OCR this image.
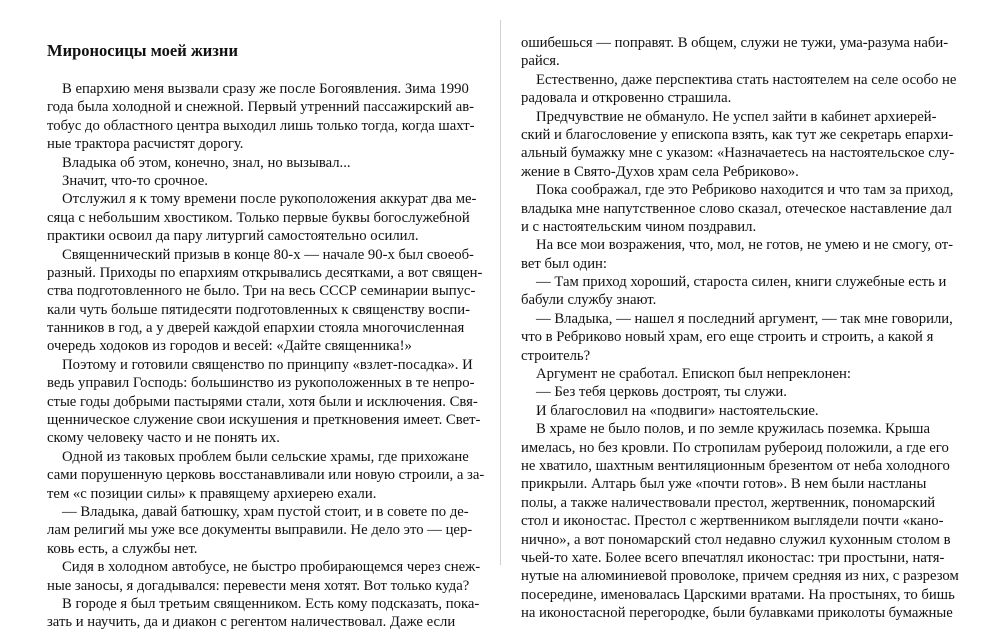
Мироносицы моей жизни
В епархию меня вызвали сразу же после Богоявления. Зима 1990
года была холодной и снежной. Первый утренний пассажирский ав-
тобус до областного центра выходил лишь только тогда, когда шахт-
ные трактора расчистят дорогу.
Владыка об этом, конечно, знал, но вызывал...
Значит, что-то срочное.
Отслужил я к тому времени после рукоположения аккурат два ме-
сяца с небольшим хвостиком. Только первые буквы богослужебной
практики освоил да пару литургий самостоятельно осилил.
Священнический призыв в конце 80-х — начале 90-х был своеоб-
разный. Приходы по епархиям открывались десятками, а вот священ-
ства подготовленного не было. Три на весь СССР семинарии выпус-
кали чуть больше пятидесяти подготовленных к священству воспи-
танников в год, а у дверей каждой епархии стояла многочисленная
очередь ходоков из городов и весей: «Дайте священника!»
Поэтому и готовили священство по принципу «взлет-посадка». И
ведь управил Господь: большинство из рукоположенных в те непро-
стые годы добрыми пастырями стали, хотя были и исключения. Свя-
щенническое служение свои искушения и преткновения имеет. Свет-
скому человеку часто и не понять их.
Одной из таковых проблем были сельские храмы, где прихожане
сами порушенную церковь восстанавливали или новую строили, а за-
тем «с позиции силы» к правящему архиерею ехали.
— Владыка, давай батюшку, храм пустой стоит, и в совете по де-
лам религий мы уже все документы выправили. Не дело это — цер-
ковь есть, а службы нет.
Сидя в холодном автобусе, не быстро пробирающемся через снеж-
ные заносы, я догадывался: перевести меня хотят. Вот только куда?
В городе я был третьим священником. Есть кому подсказать, пока-
зать и научить, да и диакон с регентом наличествовал. Даже если
ошибешься — поправят. В общем, служи не тужи, ума-разума наби-
райся.
Естественно, даже перспектива стать настоятелем на селе особо не
радовала и откровенно страшила.
Предчувствие не обмануло. Не успел зайти в кабинет архиерей-
ский и благословение у епископа взять, как тут же секретарь епархи-
альный бумажку мне с указом: «Назначаетесь на настоятельское слу-
жение в Свято-Духов храм села Ребриково».
Пока соображал, где это Ребриково находится и что там за приход,
владыка мне напутственное слово сказал, отеческое наставление дал
и с настоятельским чином поздравил.
На все мои возражения, что, мол, не готов, не умею и не смогу, от-
вет был один:
— Там приход хороший, староста силен, книги служебные есть и
бабули службу знают.
— Владыка, — нашел я последний аргумент, — так мне говорили,
что в Ребриково новый храм, его еще строить и строить, а какой я
строитель?
Аргумент не сработал. Епископ был непреклонен:
— Без тебя церковь достроят, ты служи.
И благословил на «подвиги» настоятельские.
В храме не было полов, и по земле кружилась поземка. Крыша
имелась, но без кровли. По стропилам рубероид положили, а где его
не хватило, шахтным вентиляционным брезентом от неба холодного
прикрыли. Алтарь был уже «почти готов». В нем были настланы
полы, а также наличествовали престол, жертвенник, пономарский
стол и иконостас. Престол с жертвенником выглядели почти «кано-
нично», а вот пономарский стол недавно служил кухонным столом в
чьей-то хате. Более всего впечатлял иконостас: три простыни, натя-
нутые на алюминиевой проволоке, причем средняя из них, с разрезом
посередине, именовалась Царскими вратами. На простынях, то бишь
на иконостасной перегородке, были булавками приколоты бумажные
